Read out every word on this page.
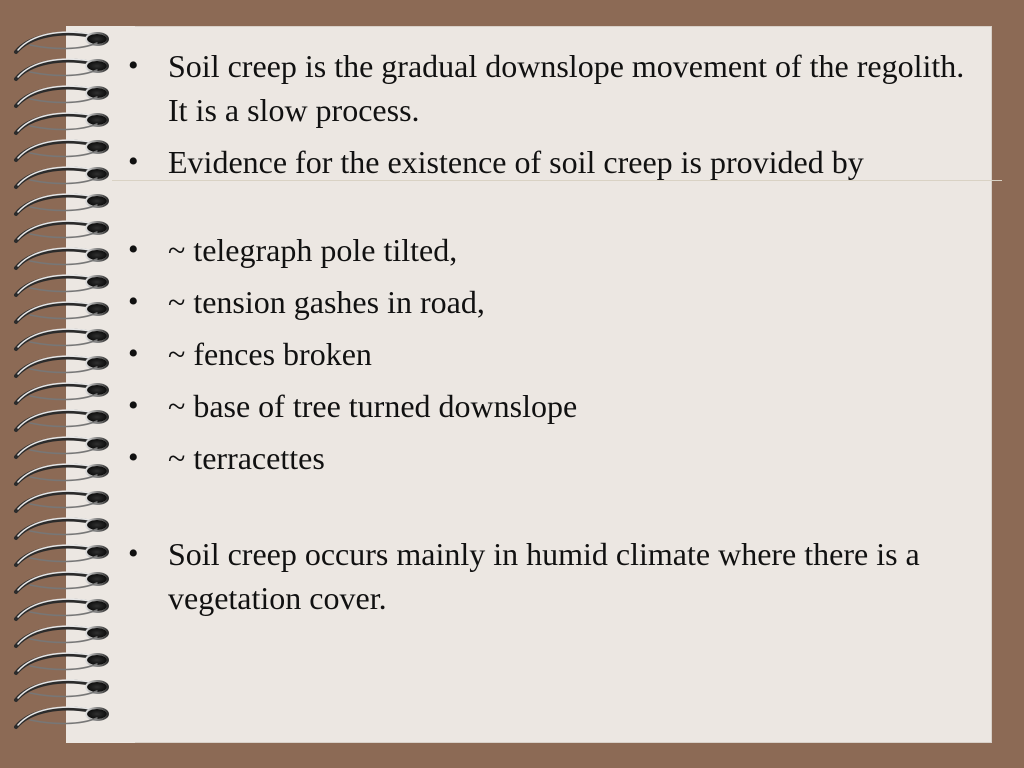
• Soil creep is the gradual downslope movement of the regolith. It is a slow process.
• Evidence for the existence of soil creep is provided by
• ~ telegraph pole tilted,
• ~ tension gashes in road,
• ~ fences broken
• ~ base of tree turned downslope
• ~ terracettes
• Soil creep occurs mainly in humid climate where there is a vegetation cover.
